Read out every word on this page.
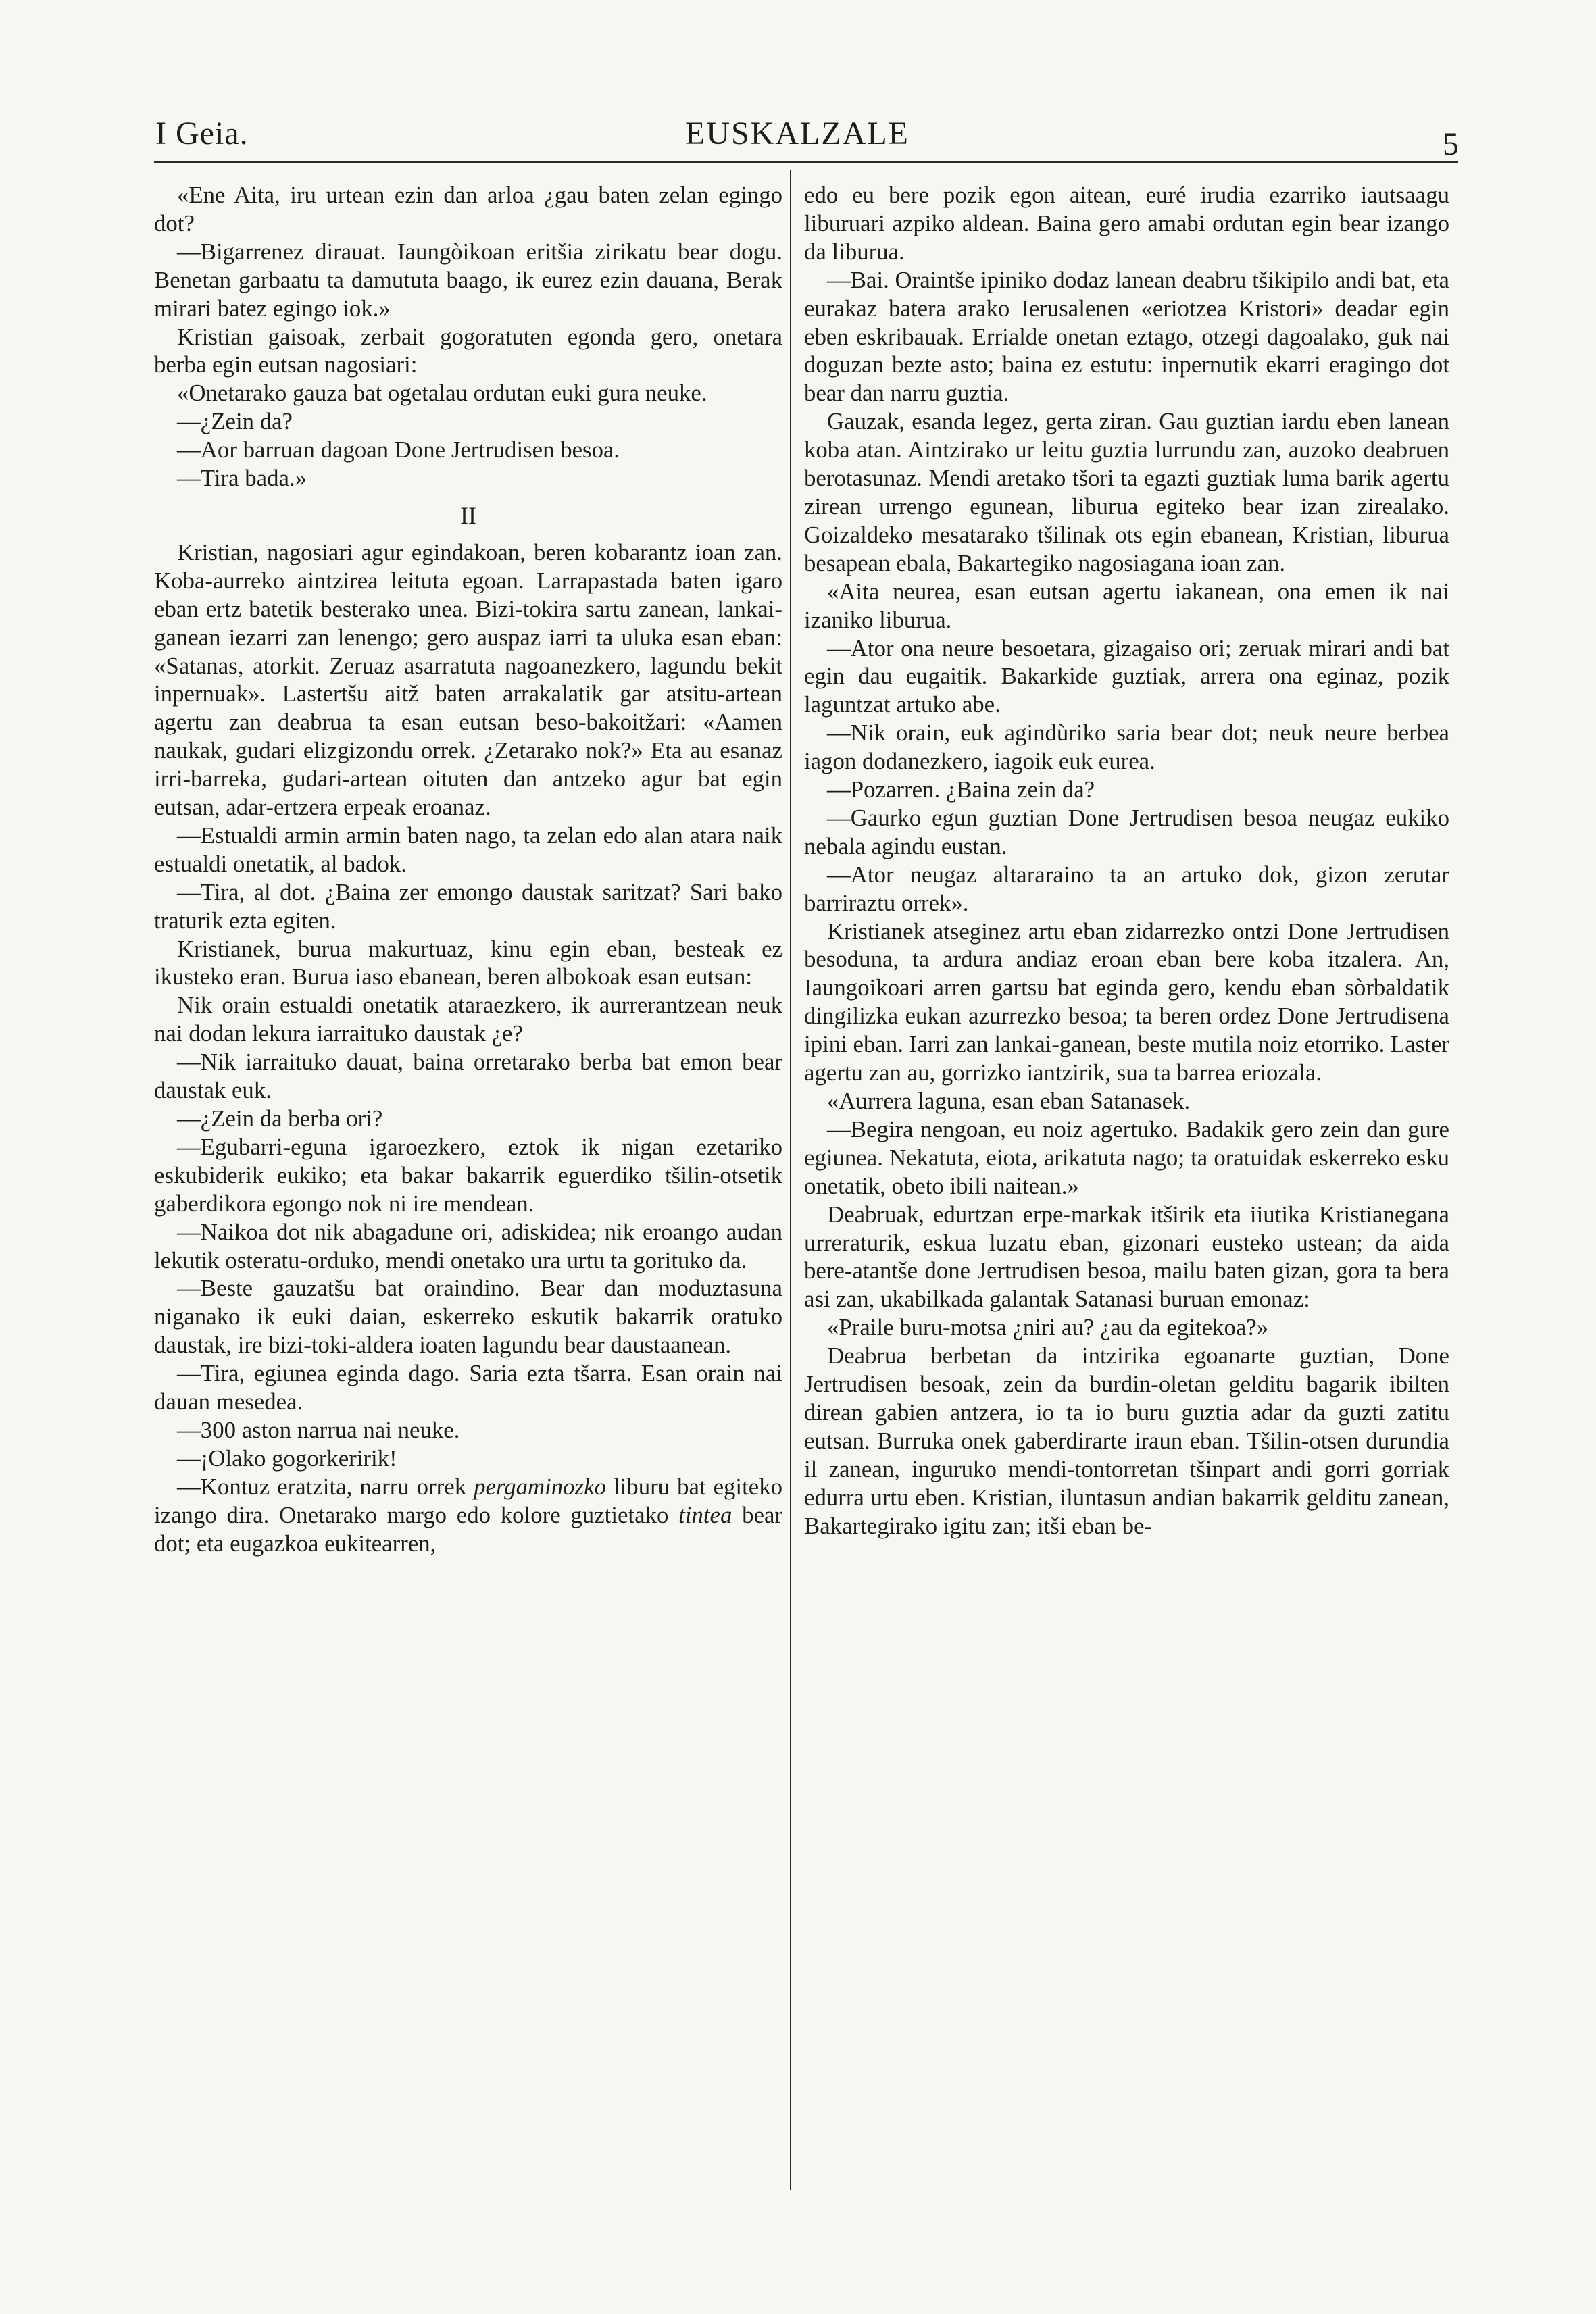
I Geia.	EUSKALZALE	5

«Ene Aita, iru urtean ezin dan arloa ¿gau baten zelan egingo dot?

—Bigarrenez dirauat. Iaungòikoan eritšia zirikatu bear dogu. Benetan garbaatu ta damututa baago, ik eurez ezin dauana, Berak mirari batez egingo iok.»

Kristian gaisoak, zerbait gogoratuten egonda gero, onetara berba egin eutsan nagosiari:

«Onetarako gauza bat ogetalau ordutan euki gura neuke.

—¿Zein da?

—Aor barruan dagoan Done Jertrudisen besoa.

—Tira bada.»

II

Kristian, nagosiari agur egindakoan, beren kobarantz ioan zan. Koba-aurreko aintzirea leituta egoan. Larrapastada baten igaro eban ertz batetik besterako unea. Bizi-tokira sartu zanean, lankai-ganean iezarri zan lenengo; gero auspaz iarri ta uluka esan eban: «Satanas, atorkit. Zeruaz asarratuta nagoanezkero, lagundu bekit inpernuak». Lastertšu aitž baten arrakalatik gar atsitu-artean agertu zan deabrua ta esan eutsan beso-bakoitžari: «Aamen naukak, gudari elizgizondu orrek. ¿Zetarako nok?» Eta au esanaz irri-barreka, gudari-artean oituten dan antzeko agur bat egin eutsan, adar-ertzera erpeak eroanaz.

—Estualdi armin armin baten nago, ta zelan edo alan atara naik estualdi onetatik, al badok.

—Tira, al dot. ¿Baina zer emongo daustak saritzat? Sari bako traturik ezta egiten.

Kristianek, burua makurtuaz, kinu egin eban, besteak ez ikusteko eran. Burua iaso ebanean, beren albokoak esan eutsan:

Nik orain estualdi onetatik ataraezkero, ik aurrerantzean neuk nai dodan lekura iarraituko daustak ¿e?

—Nik iarraituko dauat, baina orretarako berba bat emon bear daustak euk.

—¿Zein da berba ori?

—Egubarri-eguna igaroezkero, eztok ik nigan ezetariko eskubiderik eukiko; eta bakar bakarrik eguerdiko tšilin-otsetik gaberdikora egongo nok ni ire mendean.

—Naikoa dot nik abagadune ori, adiskidea; nik eroango audan lekutik osteratu-orduko, mendi onetako ura urtu ta gorituko da.

—Beste gauzatšu bat oraindino. Bear dan moduztasuna niganako ik euki daian, eskerreko eskutik bakarrik oratuko daustak, ire bizi-toki-aldera ioaten lagundu bear daustaanean.

—Tira, egiunea eginda dago. Saria ezta tšarra. Esan orain nai dauan mesedea.

—300 aston narrua nai neuke.

—¡Olako gogorkeririk!

—Kontuz eratzita, narru orrek pergaminozko liburu bat egiteko izango dira. Onetarako margo edo kolore guztietako tintea bear dot; eta eugazkoa eukitearren,

edo eu bere pozik egon aitean, euré irudia ezarriko iautsaagu liburuari azpiko aldean. Baina gero amabi ordutan egin bear izango da liburua.

—Bai. Oraintše ipiniko dodaz lanean deabru tšikipilo andi bat, eta eurakaz batera arako Ierusalenen «eriotzea Kristori» deadar egin eben eskribauak. Errialde onetan eztago, otzegi dagoalako, guk nai doguzan bezte asto; baina ez estutu: inpernutik ekarri eragingo dot bear dan narru guztia.

Gauzak, esanda legez, gerta ziran. Gau guztian iardu eben lanean koba atan. Aintzirako ur leitu guztia lurrundu zan, auzoko deabruen berotasunaz. Mendi aretako tšori ta egazti guztiak luma barik agertu zirean urrengo egunean, liburua egiteko bear izan zirealako. Goizaldeko mesatarako tšilinak ots egin ebanean, Kristian, liburua besapean ebala, Bakartegiko nagosiagana ioan zan.

«Aita neurea, esan eutsan agertu iakanean, ona emen ik nai izaniko liburua.

—Ator ona neure besoetara, gizagaiso ori; zeruak mirari andi bat egin dau eugaitik. Bakarkide guztiak, arrera ona eginaz, pozik laguntzat artuko abe.

—Nik orain, euk agindùriko saria bear dot; neuk neure berbea iagon dodanezkero, iagoik euk eurea.

—Pozarren. ¿Baina zein da?

—Gaurko egun guztian Done Jertrudisen besoa neugaz eukiko nebala agindu eustan.

—Ator neugaz altararaino ta an artuko dok, gizon zerutar barriraztu orrek».

Kristianek atseginez artu eban zidarrezko ontzi Done Jertrudisen besoduna, ta ardura andiaz eroan eban bere koba itzalera. An, Iaungoikoari arren gartsu bat eginda gero, kendu eban sòrbaldatik dingilizka eukan azurrezko besoa; ta beren ordez Done Jertrudisena ipini eban. Iarri zan lankai-ganean, beste mutila noiz etorriko. Laster agertu zan au, gorrizko iantzirik, sua ta barrea eriozala.

«Aurrera laguna, esan eban Satanasek.

—Begira nengoan, eu noiz agertuko. Badakik gero zein dan gure egiunea. Nekatuta, eiota, arikatuta nago; ta oratuidak eskerreko esku onetatik, obeto ibili naitean.»

Deabruak, edurtzan erpe-markak itširik eta iiutika Kristianegana urreraturik, eskua luzatu eban, gizonari eusteko ustean; da aida bere-atantše done Jertrudisen besoa, mailu baten gizan, gora ta bera asi zan, ukabilkada galantak Satanasi buruan emonaz:

«Praile buru-motsa ¿niri au? ¿au da egitekoa?»

Deabrua berbetan da intzirika egoanarte guztian, Done Jertrudisen besoak, zein da burdin-oletan gelditu bagarik ibilten direan gabien antzera, io ta io buru guztia adar da guzti zatitu eutsan. Burruka onek gaberdirarte iraun eban. Tšilin-otsen durundia il zanean, inguruko mendi-tontorretan tšinpart andi gorri gorriak edurra urtu eben. Kristian, iluntasun andian bakarrik gelditu zanean, Bakartegirako igitu zan; itši eban be-
